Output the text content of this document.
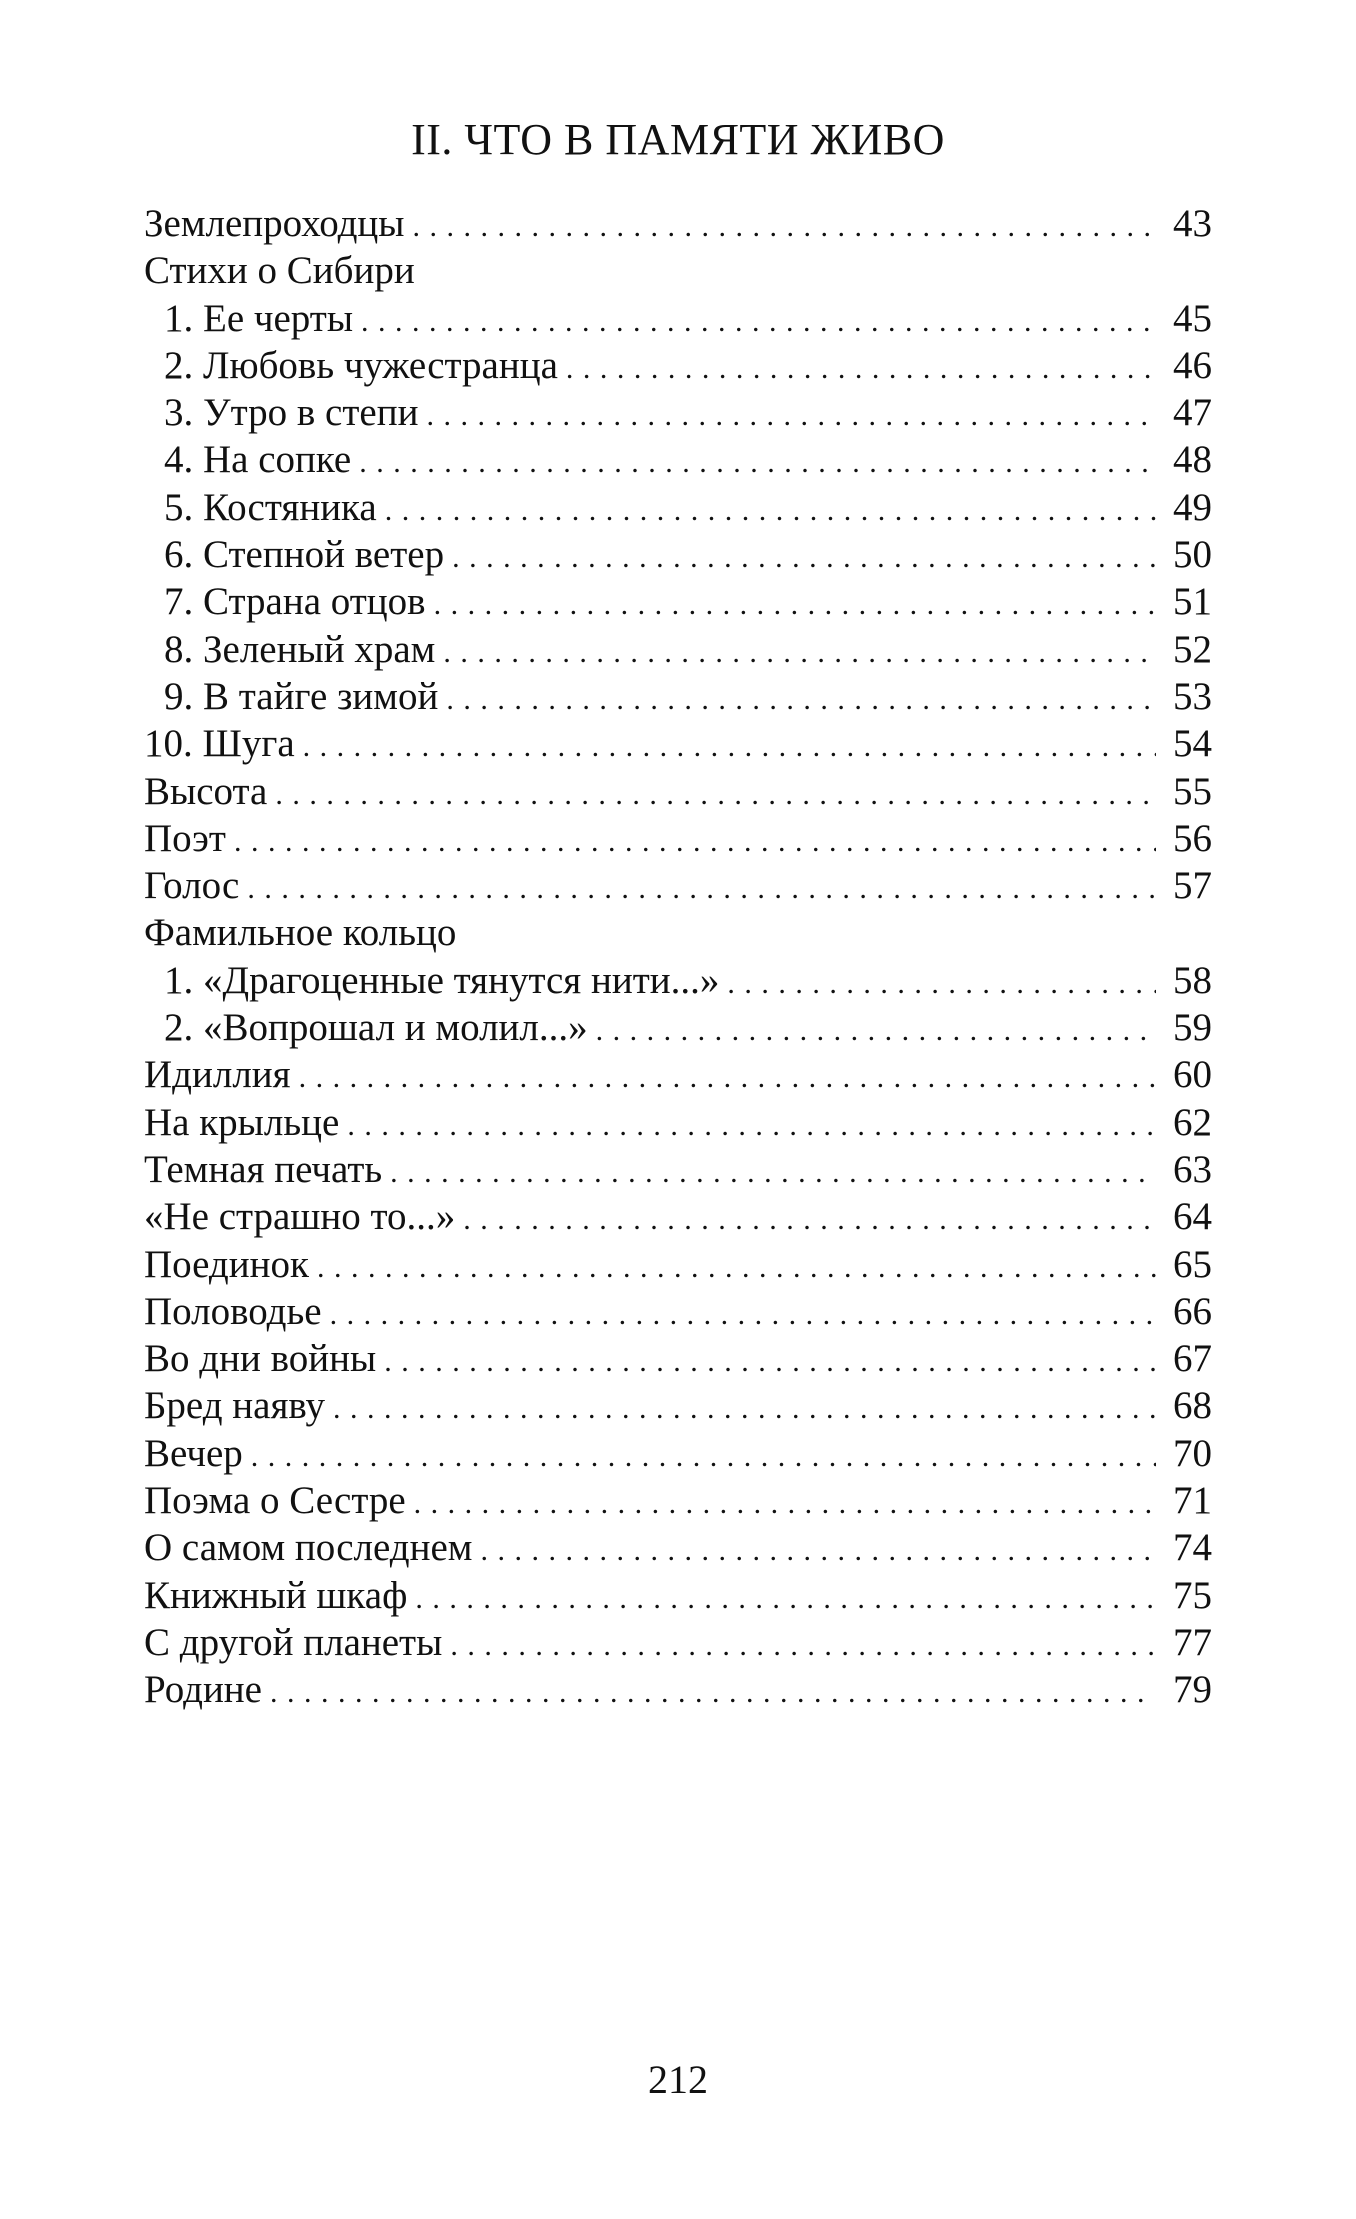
II. ЧТО В ПАМЯТИ ЖИВО
Землепроходцы . . .	43
Стихи о Сибири
1. Ее черты . . .	45
2. Любовь чужестранца . . .	46
3. Утро в степи . . .	47
4. На сопке . . .	48
5. Костяника . . .	49
6. Степной ветер . . .	50
7. Страна отцов . . .	51
8. Зеленый храм . . .	52
9. В тайге зимой . . .	53
10. Шуга . . .	54
Высота . . .	55
Поэт . . .	56
Голос . . .	57
Фамильное кольцо
1. «Драгоценные тянутся нити...» . . .	58
2. «Вопрошал и молил...» . . .	59
Идиллия . . .	60
На крыльце . . .	62
Темная печать . . .	63
«Не страшно то...» . . .	64
Поединок . . .	65
Половодье . . .	66
Во дни войны . . .	67
Бред наяву . . .	68
Вечер . . .	70
Поэма о Сестре . . .	71
О самом последнем . . .	74
Книжный шкаф . . .	75
С другой планеты . . .	77
Родине . . .	79
212
